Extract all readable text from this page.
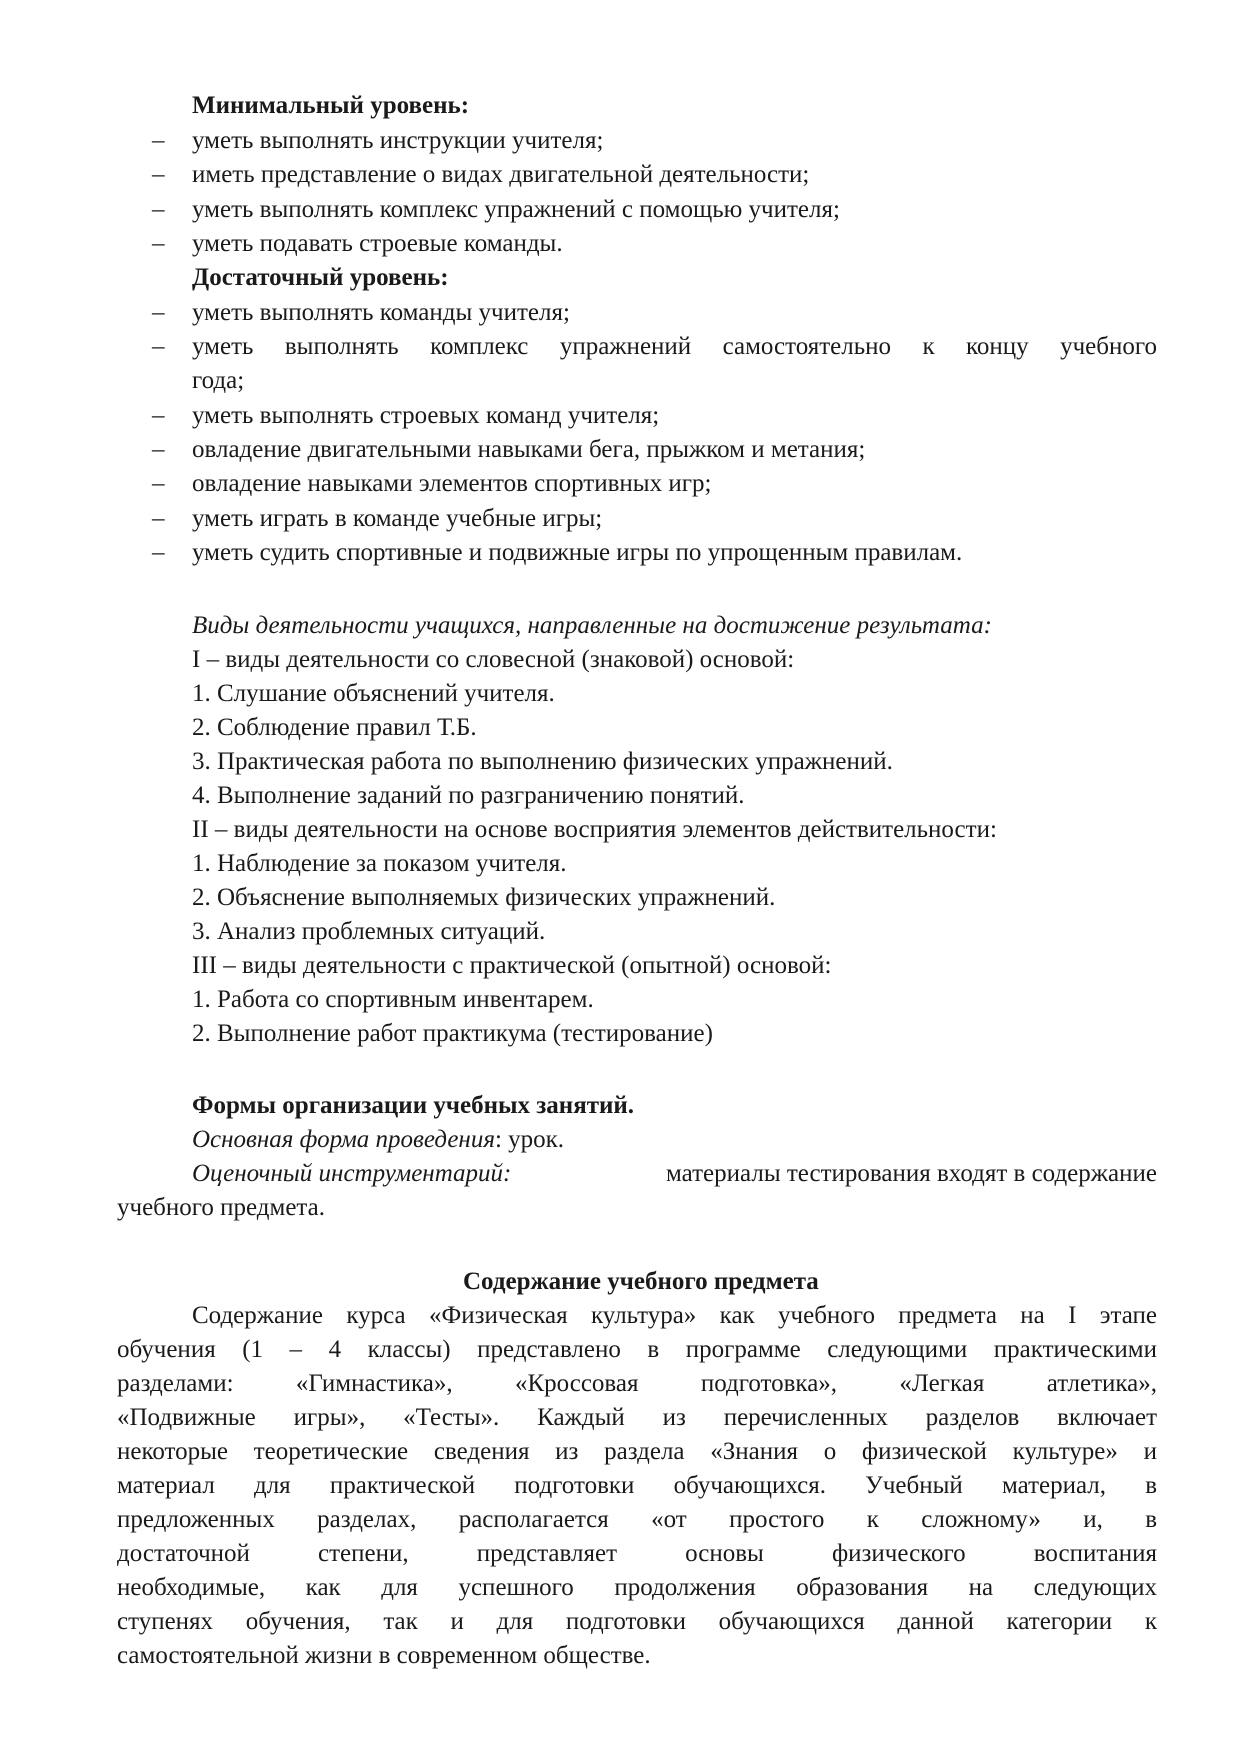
Минимальный уровень:
– уметь выполнять инструкции учителя;
– иметь представление о видах двигательной деятельности;
– уметь выполнять комплекс упражнений с помощью учителя;
– уметь подавать строевые команды.
Достаточный уровень:
– уметь выполнять команды учителя;
– уметь выполнять комплекс упражнений самостоятельно к концу учебного
года;
– уметь выполнять строевых команд учителя;
– овладение двигательными навыками бега, прыжком и метания;
– овладение навыками элементов спортивных игр;
– уметь играть в команде учебные игры;
– уметь судить спортивные и подвижные игры по упрощенным правилам.
Виды деятельности учащихся, направленные на достижение результата:
I – виды деятельности со словесной (знаковой) основой:
1. Слушание объяснений учителя.
2. Соблюдение правил Т.Б.
3. Практическая работа по выполнению физических упражнений.
4. Выполнение заданий по разграничению понятий.
II – виды деятельности на основе восприятия элементов действительности:
1. Наблюдение за показом учителя.
2. Объяснение выполняемых физических упражнений.
3. Анализ проблемных ситуаций.
III – виды деятельности с практической (опытной) основой:
1. Работа со спортивным инвентарем.
2. Выполнение работ практикума (тестирование)
Формы организации учебных занятий.
Основная форма проведения: урок.
Оценочный инструментарий:	материалы тестирования входят в содержание
учебного предмета.
Содержание учебного предмета
Содержание курса «Физическая культура» как учебного предмета на I этапе
обучения (1 – 4 классы) представлено в программе следующими практическими
разделами: «Гимнастика», «Кроссовая подготовка», «Легкая атлетика»,
«Подвижные игры», «Тесты». Каждый из перечисленных разделов включает
некоторые теоретические сведения из раздела «Знания о физической культуре» и
материал для практической подготовки обучающихся. Учебный материал, в
предложенных разделах, располагается «от простого к сложному» и, в
достаточной степени, представляет основы физического воспитания
необходимые, как для успешного продолжения образования на следующих
ступенях обучения, так и для подготовки обучающихся данной категории к
самостоятельной жизни в современном обществе.
